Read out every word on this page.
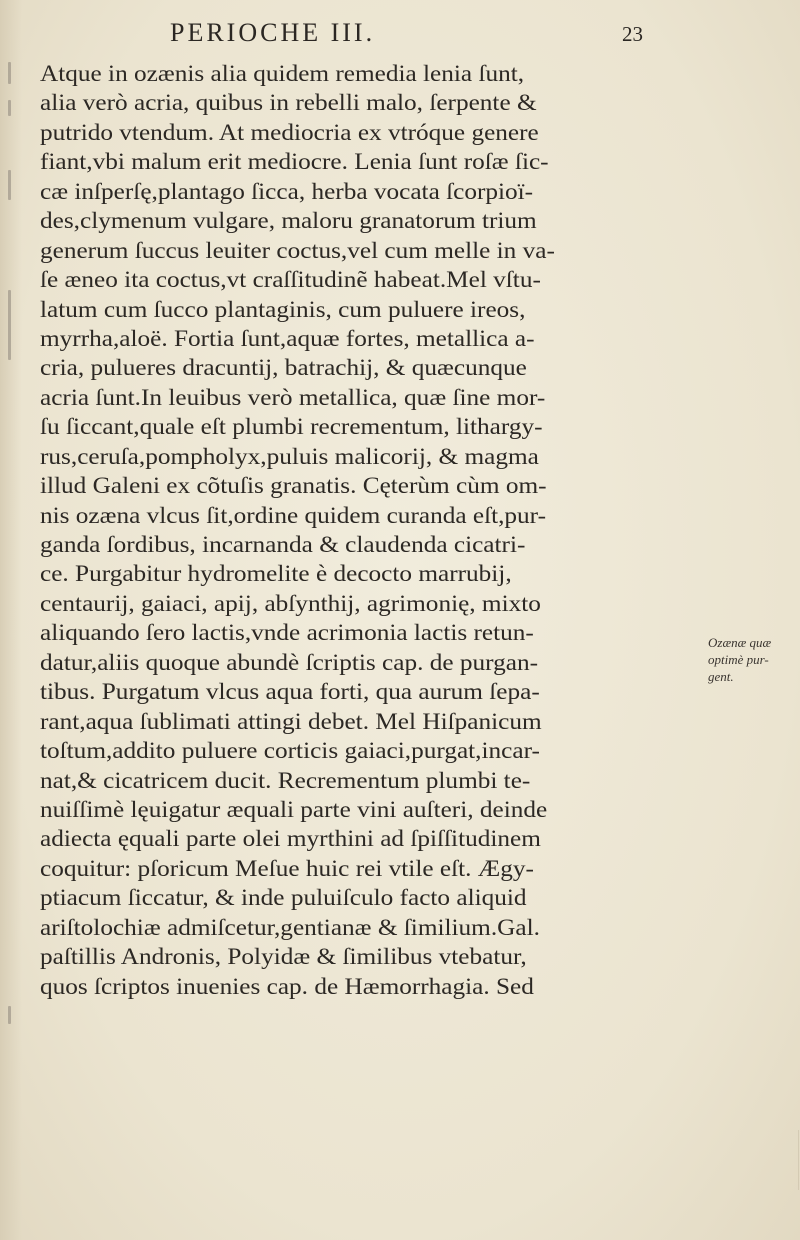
PERIOCHE III.	23
Atque in ozænis alia quidem remedia lenia ſunt,
alia verò acria, quibus in rebelli malo, ſerpente &
putrido vtendum. At mediocria ex vtróque genere
fiant,vbi malum erit mediocre. Lenia ſunt roſæ ſic-
cæ inſperſę,plantago ſicca, herba vocata ſcorpioï-
des,clymenum vulgare, maloru granatorum trium
generum ſuccus leuiter coctus,vel cum melle in va-
ſe æneo ita coctus,vt craſſitudinẽ habeat.Mel vſtu-
latum cum ſucco plantaginis, cum puluere ireos,
myrrha,aloë. Fortia ſunt,aquæ fortes, metallica a-
cria, pulueres dracuntij, batrachij, & quæcunque
acria ſunt.In leuibus verò metallica, quæ ſine mor-
ſu ſiccant,quale eſt plumbi recrementum, lithargy-
rus,ceruſa,pompholyx,puluis malicorij, & magma
illud Galeni ex cõtuſis granatis. Cęterùm cùm om-
nis ozæna vlcus ſit,ordine quidem curanda eſt,pur-
ganda ſordibus, incarnanda & claudenda cicatri-
ce. Purgabitur hydromelite è decocto marrubij,
centaurij, gaiaci, apij, abſynthij, agrimonię, mixto
aliquando ſero lactis,vnde acrimonia lactis retun-
datur,aliis quoque abundè ſcriptis cap. de purgan-
tibus. Purgatum vlcus aqua forti, qua aurum ſepa-
rant,aqua ſublimati attingi debet. Mel Hiſpanicum
toſtum,addito puluere corticis gaiaci,purgat,incar-
nat,& cicatricem ducit. Recrementum plumbi te-
nuiſſimè lęuigatur æquali parte vini auſteri, deinde
adiecta ęquali parte olei myrthini ad ſpiſſitudinem
coquitur: pſoricum Meſue huic rei vtile eſt. Ægy-
ptiacum ſiccatur, & inde puluiſculo facto aliquid
ariſtolochiæ admiſcetur,gentianæ & ſimilium.Gal.
paſtillis Andronis, Polyidæ & ſimilibus vtebatur,
quos ſcriptos inuenies cap. de Hæmorrhagia. Sed
Ozænæ quæ
optimè pur-
gent.
